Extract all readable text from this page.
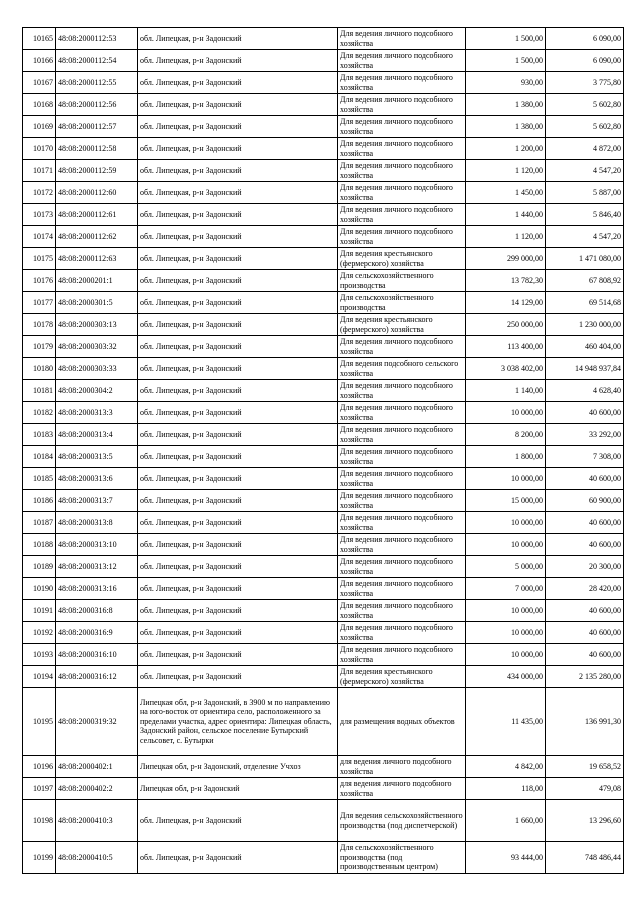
10165	48:08:2000112:53	обл. Липецкая, р-н Задонский	Для ведения личного подсобного хозяйства	1 500,00	6 090,00
10166	48:08:2000112:54	обл. Липецкая, р-н Задонский	Для ведения личного подсобного хозяйства	1 500,00	6 090,00
10167	48:08:2000112:55	обл. Липецкая, р-н Задонский	Для ведения личного подсобного хозяйства	930,00	3 775,80
10168	48:08:2000112:56	обл. Липецкая, р-н Задонский	Для ведения личного подсобного хозяйства	1 380,00	5 602,80
10169	48:08:2000112:57	обл. Липецкая, р-н Задонский	Для ведения личного подсобного хозяйства	1 380,00	5 602,80
10170	48:08:2000112:58	обл. Липецкая, р-н Задонский	Для ведения личного подсобного хозяйства	1 200,00	4 872,00
10171	48:08:2000112:59	обл. Липецкая, р-н Задонский	Для ведения личного подсобного хозяйства	1 120,00	4 547,20
10172	48:08:2000112:60	обл. Липецкая, р-н Задонский	Для ведения личного подсобного хозяйства	1 450,00	5 887,00
10173	48:08:2000112:61	обл. Липецкая, р-н Задонский	Для ведения личного подсобного хозяйства	1 440,00	5 846,40
10174	48:08:2000112:62	обл. Липецкая, р-н Задонский	Для ведения личного подсобного хозяйства	1 120,00	4 547,20
10175	48:08:2000112:63	обл. Липецкая, р-н Задонский	Для ведения крестьянского (фермерского) хозяйства	299 000,00	1 471 080,00
10176	48:08:2000201:1	обл. Липецкая, р-н Задонский	Для сельскохозяйственного производства	13 782,30	67 808,92
10177	48:08:2000301:5	обл. Липецкая, р-н Задонский	Для сельскохозяйственного производства	14 129,00	69 514,68
10178	48:08:2000303:13	обл. Липецкая, р-н Задонский	Для ведения крестьянского (фермерского) хозяйства	250 000,00	1 230 000,00
10179	48:08:2000303:32	обл. Липецкая, р-н Задонский	Для ведения личного подсобного хозяйства	113 400,00	460 404,00
10180	48:08:2000303:33	обл. Липецкая, р-н Задонский	Для ведения подсобного сельского хозяйства	3 038 402,00	14 948 937,84
10181	48:08:2000304:2	обл. Липецкая, р-н Задонский	Для ведения личного подсобного хозяйства	1 140,00	4 628,40
10182	48:08:2000313:3	обл. Липецкая, р-н Задонский	Для ведения личного подсобного хозяйства	10 000,00	40 600,00
10183	48:08:2000313:4	обл. Липецкая, р-н Задонский	Для ведения личного подсобного хозяйства	8 200,00	33 292,00
10184	48:08:2000313:5	обл. Липецкая, р-н Задонский	Для ведения личного подсобного хозяйства	1 800,00	7 308,00
10185	48:08:2000313:6	обл. Липецкая, р-н Задонский	Для ведения личного подсобного хозяйства	10 000,00	40 600,00
10186	48:08:2000313:7	обл. Липецкая, р-н Задонский	Для ведения личного подсобного хозяйства	15 000,00	60 900,00
10187	48:08:2000313:8	обл. Липецкая, р-н Задонский	Для ведения личного подсобного хозяйства	10 000,00	40 600,00
10188	48:08:2000313:10	обл. Липецкая, р-н Задонский	Для ведения личного подсобного хозяйства	10 000,00	40 600,00
10189	48:08:2000313:12	обл. Липецкая, р-н Задонский	Для ведения личного подсобного хозяйства	5 000,00	20 300,00
10190	48:08:2000313:16	обл. Липецкая, р-н Задонский	Для ведения личного подсобного хозяйства	7 000,00	28 420,00
10191	48:08:2000316:8	обл. Липецкая, р-н Задонский	Для ведения личного подсобного хозяйства	10 000,00	40 600,00
10192	48:08:2000316:9	обл. Липецкая, р-н Задонский	Для ведения личного подсобного хозяйства	10 000,00	40 600,00
10193	48:08:2000316:10	обл. Липецкая, р-н Задонский	Для ведения личного подсобного хозяйства	10 000,00	40 600,00
10194	48:08:2000316:12	обл. Липецкая, р-н Задонский	Для ведения крестьянского (фермерского) хозяйства	434 000,00	2 135 280,00
10195	48:08:2000319:32	Липецкая обл, р-н Задонский, в 3900 м по направлению на юго-восток от ориентира село, расположенного за пределами участка, адрес ориентира: Липецкая область, Задонский район, сельское поселение Бутырский сельсовет, с. Бутырки	для размещения водных объектов	11 435,00	136 991,30
10196	48:08:2000402:1	Липецкая обл, р-н Задонский, отделение Учхоз	для ведения личного подсобного хозяйства	4 842,00	19 658,52
10197	48:08:2000402:2	Липецкая обл, р-н Задонский	для ведения личного подсобного хозяйства	118,00	479,08
10198	48:08:2000410:3	обл. Липецкая, р-н Задонский	Для ведения сельскохозяйственного производства (под диспетчерской)	1 660,00	13 296,60
10199	48:08:2000410:5	обл. Липецкая, р-н Задонский	Для сельскохозяйственного производства (под производственным центром)	93 444,00	748 486,44
